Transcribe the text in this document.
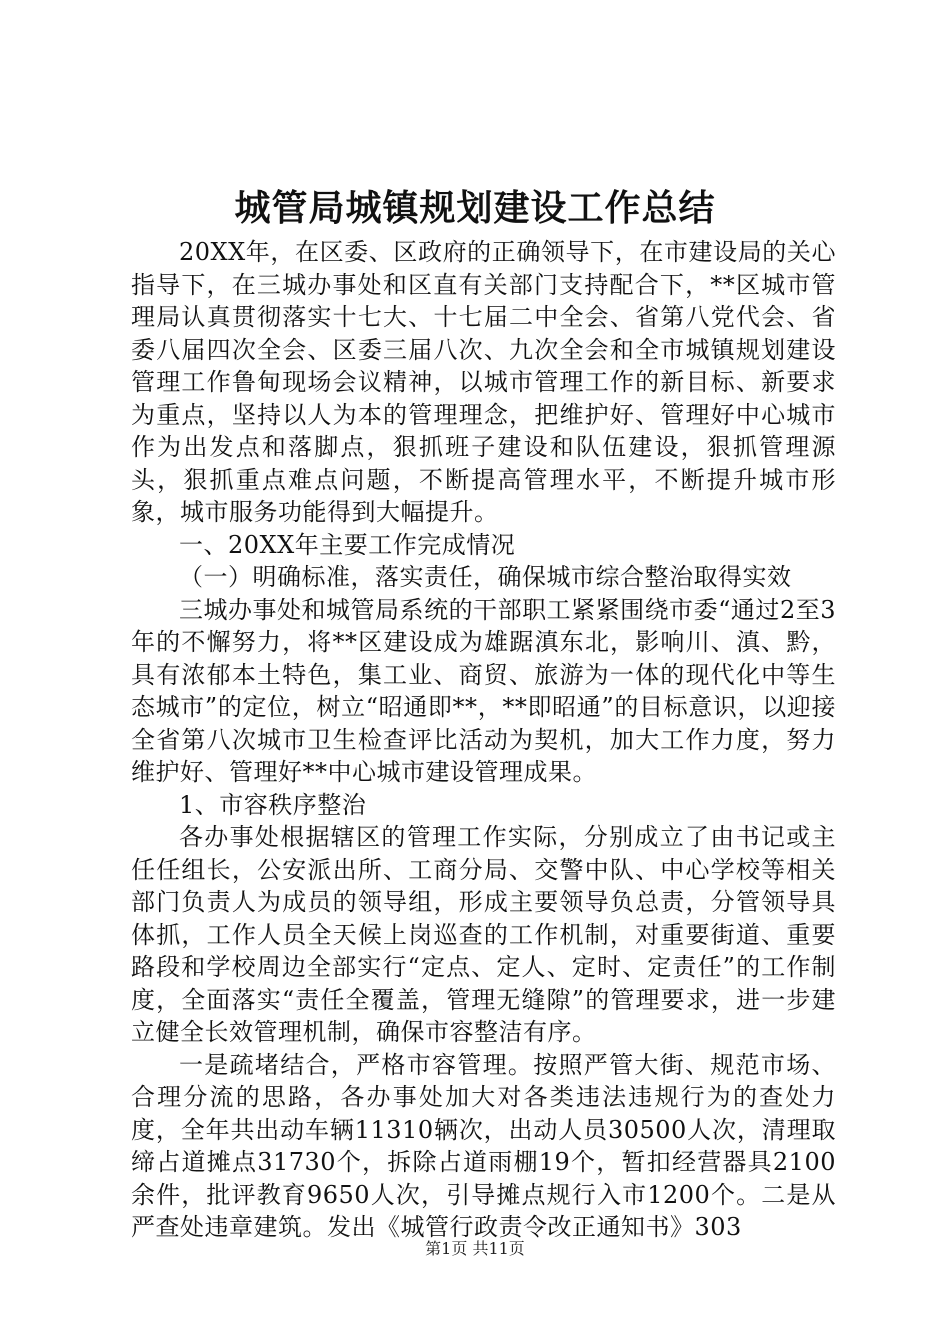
城管局城镇规划建设工作总结

20XX年，在区委、区政府的正确领导下，在市建设局的关心指导下，在三城办事处和区直有关部门支持配合下，**区城市管理局认真贯彻落实十七大、十七届二中全会、省第八党代会、省委八届四次全会、区委三届八次、九次全会和全市城镇规划建设管理工作鲁甸现场会议精神，以城市管理工作的新目标、新要求为重点，坚持以人为本的管理理念，把维护好、管理好中心城市作为出发点和落脚点，狠抓班子建设和队伍建设，狠抓管理源头，狠抓重点难点问题，不断提高管理水平，不断提升城市形象，城市服务功能得到大幅提升。

一、20XX年主要工作完成情况

（一）明确标准，落实责任，确保城市综合整治取得实效

三城办事处和城管局系统的干部职工紧紧围绕市委“通过2至3年的不懈努力，将**区建设成为雄踞滇东北，影响川、滇、黔，具有浓郁本土特色，集工业、商贸、旅游为一体的现代化中等生态城市”的定位，树立“昭通即**，**即昭通”的目标意识，以迎接全省第八次城市卫生检查评比活动为契机，加大工作力度，努力维护好、管理好**中心城市建设管理成果。

1、市容秩序整治

各办事处根据辖区的管理工作实际，分别成立了由书记或主任任组长，公安派出所、工商分局、交警中队、中心学校等相关部门负责人为成员的领导组，形成主要领导负总责，分管领导具体抓，工作人员全天候上岗巡查的工作机制，对重要街道、重要路段和学校周边全部实行“定点、定人、定时、定责任”的工作制度，全面落实“责任全覆盖，管理无缝隙”的管理要求，进一步建立健全长效管理机制，确保市容整洁有序。

一是疏堵结合，严格市容管理。按照严管大街、规范市场、合理分流的思路，各办事处加大对各类违法违规行为的查处力度，全年共出动车辆11310辆次，出动人员30500人次，清理取缔占道摊点31730个，拆除占道雨棚19个，暂扣经营器具2100余件，批评教育9650人次，引导摊点规行入市1200个。二是从严查处违章建筑。发出《城管行政责令改正通知书》303

第1页 共11页
